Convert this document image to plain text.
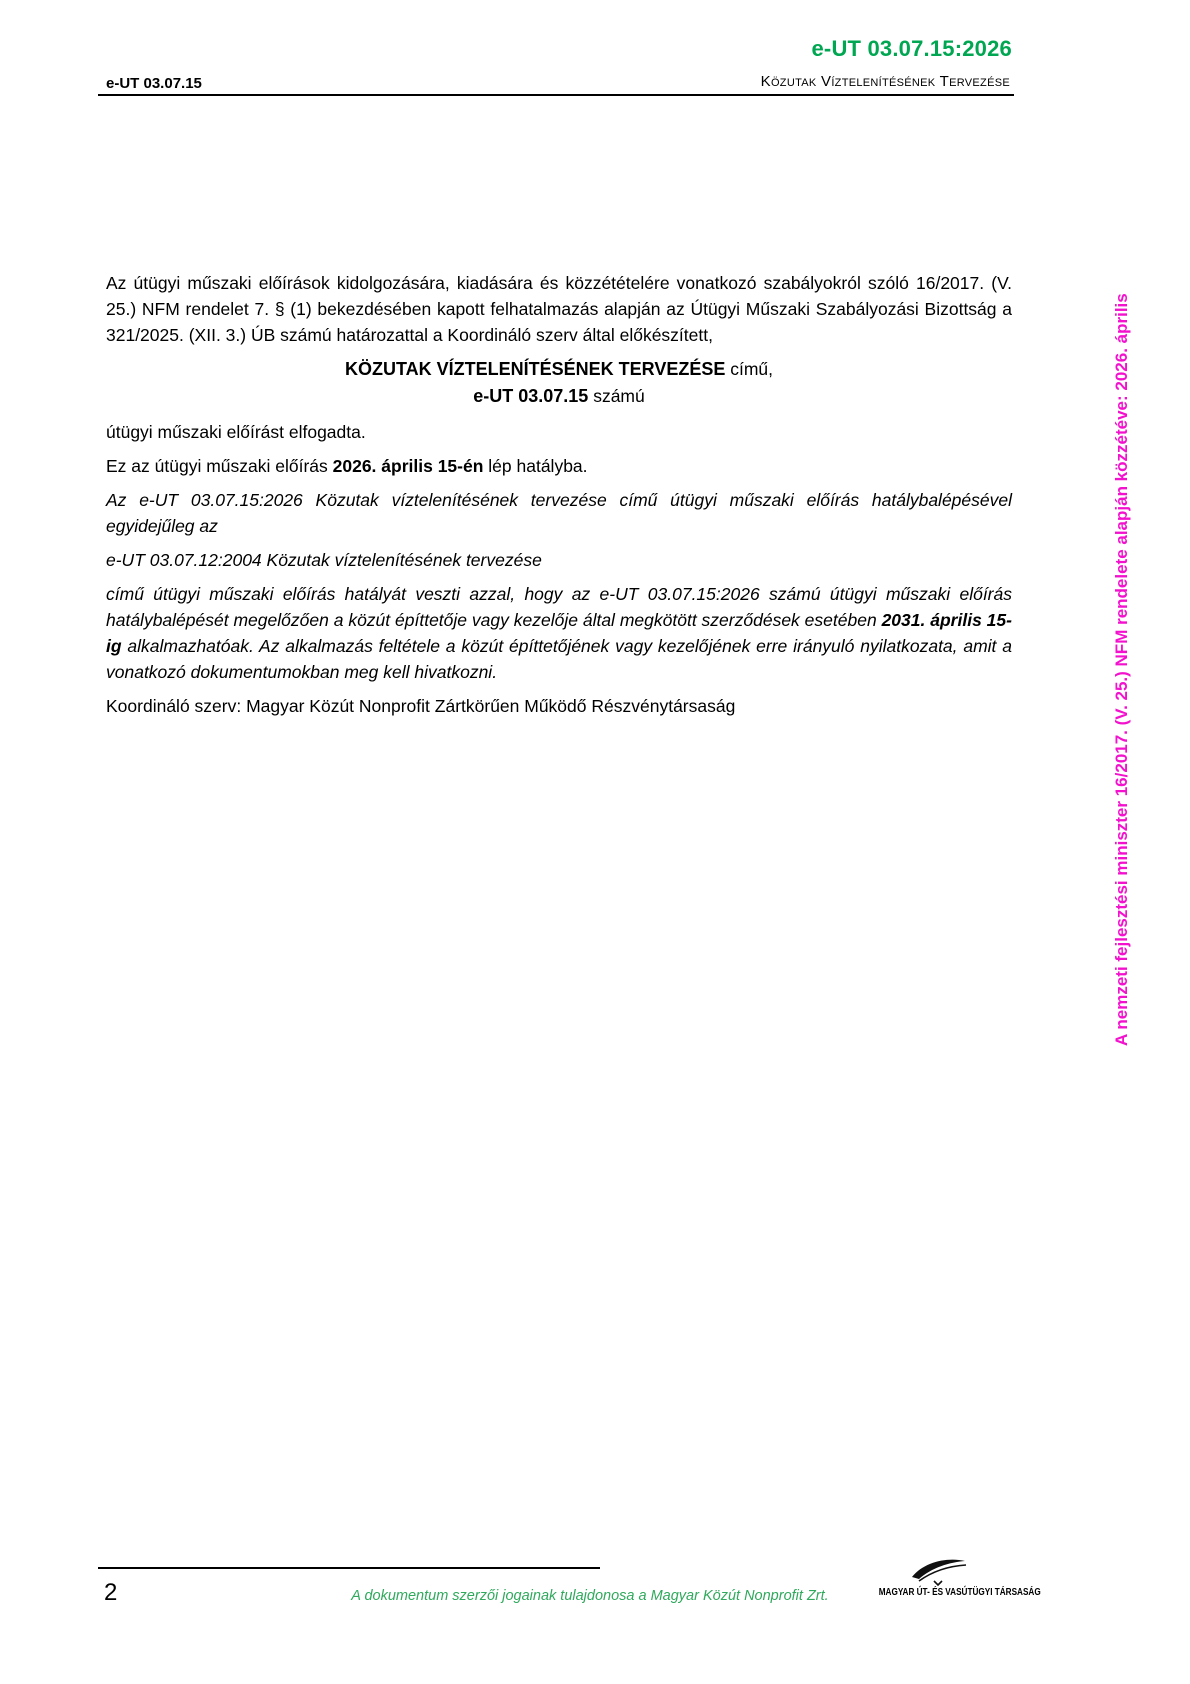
e-UT 03.07.15:2026
e-UT 03.07.15	Közutak Víztelenítésének Tervezése
A nemzeti fejlesztési miniszter 16/2017. (V. 25.) NFM rendelete alapján közzétéve: 2026. április

Az útügyi műszaki előírások kidolgozására, kiadására és közzétételére vonatkozó szabályokról szóló 16/2017. (V. 25.) NFM rendelet 7. § (1) bekezdésében kapott felhatalmazás alapján az Útügyi Műszaki Szabályozási Bizottság a 321/2025. (XII. 3.) ÚB számú határozattal a Koordináló szerv által előkészített,

KÖZUTAK VÍZTELENÍTÉSÉNEK TERVEZÉSE című,
e-UT 03.07.15 számú

útügyi műszaki előírást elfogadta.

Ez az útügyi műszaki előírás 2026. április 15-én lép hatályba.

Az e-UT 03.07.15:2026 Közutak víztelenítésének tervezése című útügyi műszaki előírás hatálybalépésével egyidejűleg az

e-UT 03.07.12:2004 Közutak víztelenítésének tervezése

című útügyi műszaki előírás hatályát veszti azzal, hogy az e-UT 03.07.15:2026 számú útügyi műszaki előírás hatálybalépését megelőzően a közút építtetője vagy kezelője által megkötött szerződések esetében 2031. április 15-ig alkalmazhatóak. Az alkalmazás feltétele a közút építtetőjének vagy kezelőjének erre irányuló nyilatkozata, amit a vonatkozó dokumentumokban meg kell hivatkozni.

Koordináló szerv: Magyar Közút Nonprofit Zártkörűen Működő Részvénytársaság

2	A dokumentum szerzői jogainak tulajdonosa a Magyar Közút Nonprofit Zrt.	MAGYAR ÚT- ÉS VASÚTÜGYI TÁRSASÁG
